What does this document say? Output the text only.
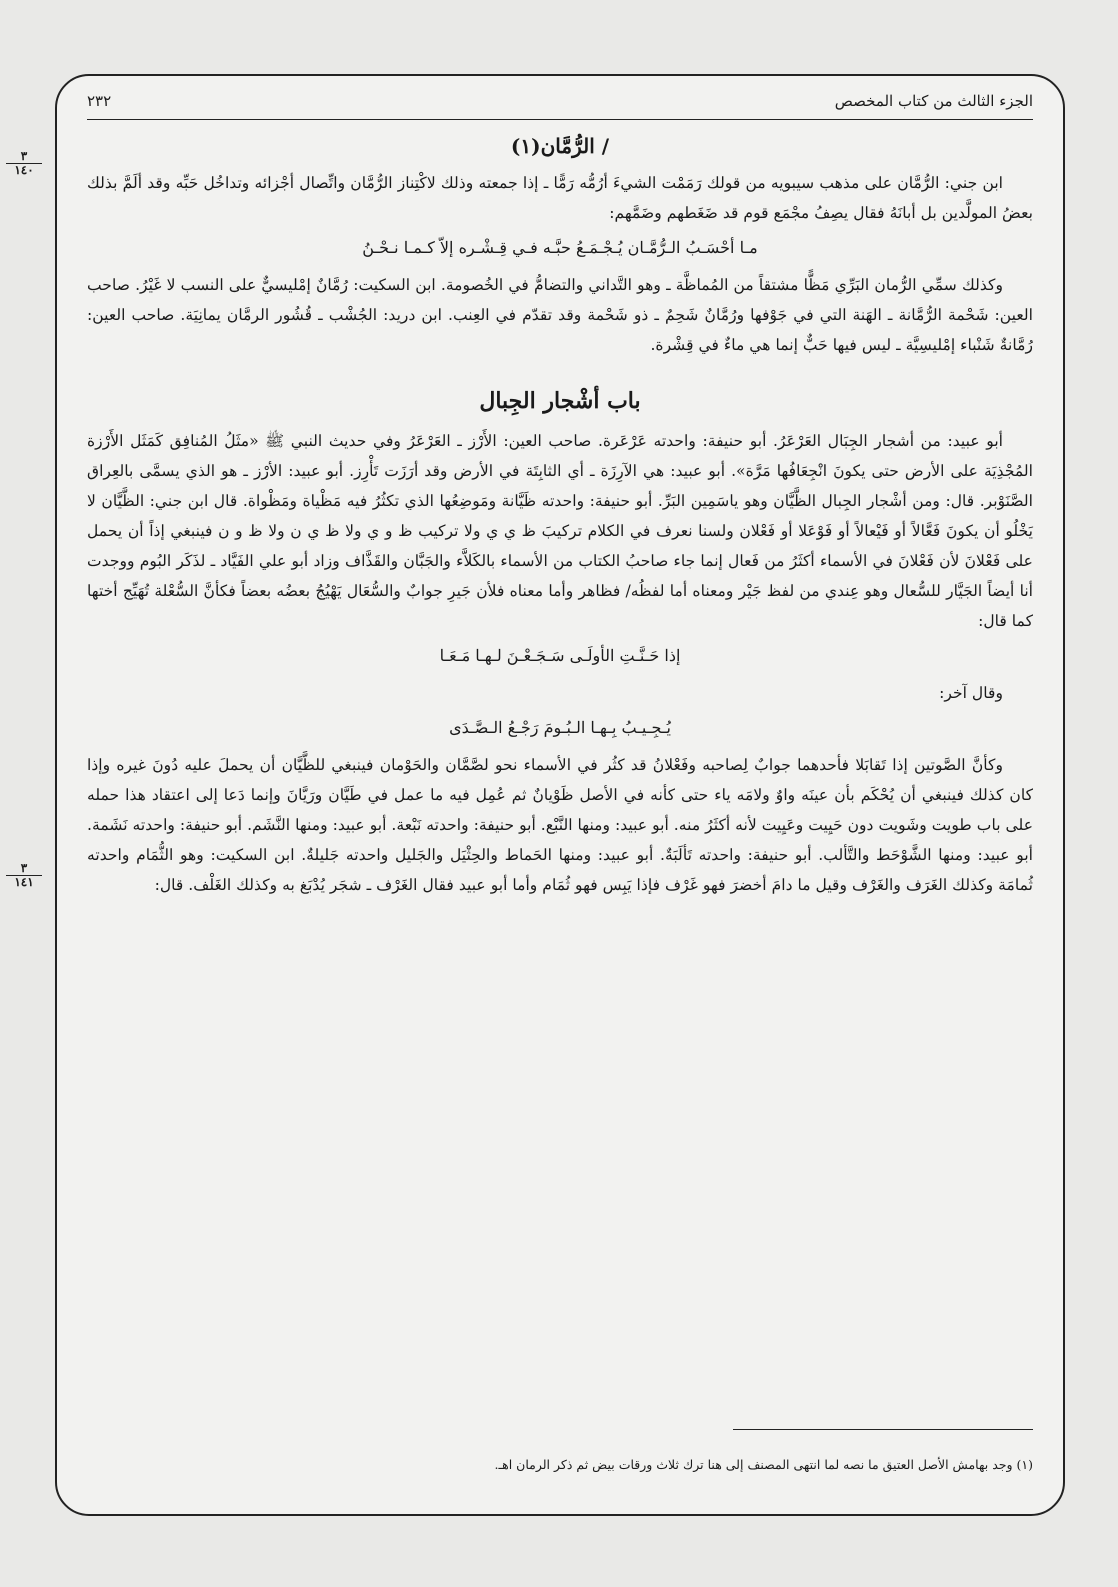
الجزء الثالث من كتاب المخصص
٢٣٢
/ الرُّمَّان(١)

ابن جني: الرُّمَّان على مذهب سيبويه من قولك رَمَمْت الشيءَ أرُمُّه رَمًّا ـ إذا جمعته وذلك لاكْتِناز الرُّمَّان واتِّصال أجْزائه وتداخُل حَبِّه وقد ألَمَّ بذلك بعضُ المولَّدين بل أبانَهُ فقال يصِفُ مجْمَع قوم قد ضَغَطهم وضَمَّهم:

مـا أحْسَـبُ الـرُّمَّـان يُـجْـمَـعُ حبَّـه فـي قِـشْـره إلاّ كـمـا نـحْـنُ

وكذلك سمِّي الرُّمان البَرِّي مَظًّا مشتقاً من المُماظَّة ـ وهو التَّداني والتضامُّ في الخُصومة. ابن السكيت: رُمَّانٌ إمْليسيٌّ على النسب لا غَيْرُ. صاحب العين: شَحْمة الرُّمَّانة ـ الهَنة التي في جَوْفها ورُمَّانٌ شَحِمٌ ـ ذو شَحْمة وقد تقدّم في العِنب. ابن دريد: الجُشْب ـ قُشُور الرمَّان يمانِيَة. صاحب العين: رُمَّانةٌ شَنْباء إمْليسِيَّة ـ ليس فيها حَبٌّ إنما هي ماءٌ في قِشْرة.

باب أشْجار الجِبال

أبو عبيد: من أشجار الجِبَال العَرْعَرُ. أبو حنيفة: واحدته عَرْعَرة. صاحب العين: الأَرْز ـ العَرْعَرُ وفي حديث النبي ﷺ «مثَلُ المُنافِق كَمَثَل الأَرْزة المُجْذِيَة على الأرض حتى يكونَ انْجِعَافُها مَرَّة». أبو عبيد: هي الآرِزَة ـ أي الثابِتَة في الأرض وقد أرَزَت تَأْرِز. أبو عبيد: الأرْز ـ هو الذي يسمَّى بالعِراق الصَّنَوْبر. قال: ومن أشْجار الجِبال الظَّيَّان وهو ياسَمِين البَرِّ. أبو حنيفة: واحدته ظَيَّانة ومَوضِعُها الذي تكثُرُ فيه مَظْياة ومَظْواة. قال ابن جني: الظَّيَّان لا يَخْلُو أن يكونَ فَعَّالاً أو فَيْعالاً أو فَوْعَلا أو فَعْلان ولسنا نعرف في الكلام تركيبَ ظ ي ي ولا تركيب ظ و ي ولا ظ ي ن ولا ظ و ن فينبغي إذاً أن يحمل على فَعْلانَ لأن فَعْلانَ في الأسماء أكثَرُ من فَعال إنما جاء صاحبُ الكتاب من الأسماء بالكَلاَّء والجَبَّان والقَذَّاف وزاد أبو علي الفَيَّاد ـ لذَكَر البُوم ووجدت أنا أيضاً الجَيَّار للسُّعال وهو عِندي من لفظ جَيْر ومعناه أما لفظُه/ فظاهر وأما معناه فلأن جَيرِ جوابٌ والسُّعَال يَهْيُجُ بعضُه بعضاً فكأنَّ السُّعْلة تُهَيِّج أختها كما قال:

إذا حَـنَّـتِ الأولَـى سَـجَـعْـنَ لـهـا مَـعَـا

وقال آخر:

يُـجِـيـبُ بِـهـا الـبُـومَ رَجْـعُ الـصَّـدَى

وكأنَّ الصَّوتين إذا تَقابَلا فأحدهما جوابٌ لِصاحبه وفَعْلانُ قد كثُر في الأسماء نحو لصَّمَّان والحَوْمان فينبغي للظَّيَّان أن يحملَ عليه دُونَ غيره وإذا كان كذلك فينبغي أن يُحْكَم بأن عينَه واوٌ ولامَه ياء حتى كأنه في الأصل ظَوْيانٌ ثم عُمِل فيه ما عمل في طَيَّان ورَيَّانَ وإنما دَعا إلى اعتقاد هذا حمله على باب طويت وشَويت دون حَيِيت وعَيِيت لأنه أكثَرُ منه. أبو عبيد: ومنها النَّبْع. أبو حنيفة: واحدته نَبْعة. أبو عبيد: ومنها النَّشَم. أبو حنيفة: واحدته نَشَمة. أبو عبيد: ومنها الشَّوْحَط والتَّألب. أبو حنيفة: واحدته تَألَبَةٌ. أبو عبيد: ومنها الحَماط والحِثْيَل والجَليل واحدته جَليلةٌ. ابن السكيت: وهو الثُّمَام واحدته ثُمامَة وكذلك الغَرَف والغَرْف وقيل ما دامَ أخضرَ فهو غَرْف فإذا يَبِس فهو ثُمَام وأما أبو عبيد فقال الغَرْف ـ شجَر يُدْبَغ به وكذلك الغَلْف. قال:

(١) وجد بهامش الأصل العتيق ما نصه لما انتهى المصنف إلى هنا ترك ثلاث ورقات بيض ثم ذكر الرمان اهـ.
٣
١٤٠
٣
١٤١
